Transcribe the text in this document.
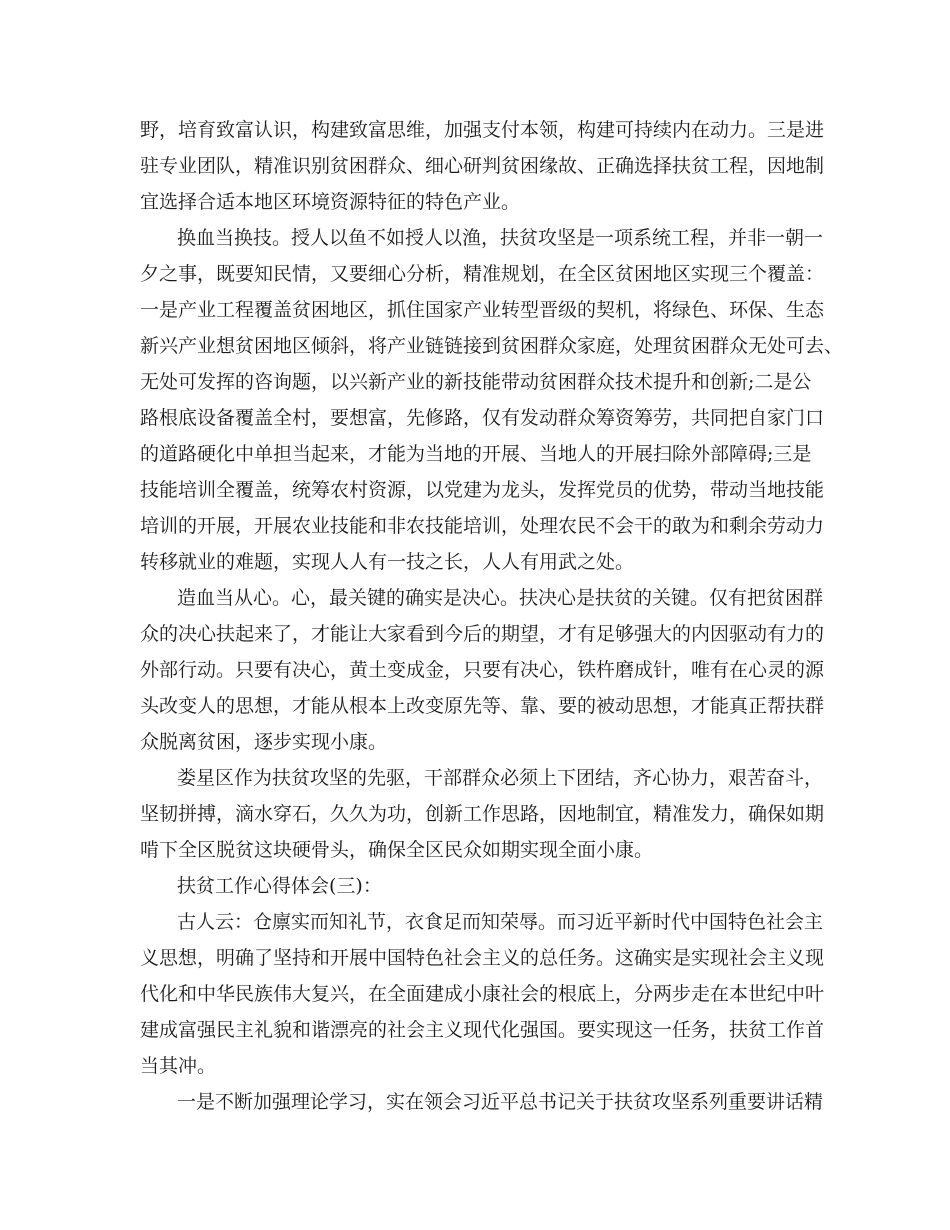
野，培育致富认识，构建致富思维，加强支付本领，构建可持续内在动力。三是进
驻专业团队，精准识别贫困群众、细心研判贫困缘故、正确选择扶贫工程，因地制
宜选择合适本地区环境资源特征的特色产业。
换血当换技。授人以鱼不如授人以渔，扶贫攻坚是一项系统工程，并非一朝一
夕之事，既要知民情，又要细心分析，精准规划，在全区贫困地区实现三个覆盖：
一是产业工程覆盖贫困地区，抓住国家产业转型晋级的契机，将绿色、环保、生态
新兴产业想贫困地区倾斜，将产业链链接到贫困群众家庭，处理贫困群众无处可去、
无处可发挥的咨询题，以兴新产业的新技能带动贫困群众技术提升和创新;二是公
路根底设备覆盖全村，要想富，先修路，仅有发动群众筹资筹劳，共同把自家门口
的道路硬化中单担当起来，才能为当地的开展、当地人的开展扫除外部障碍;三是
技能培训全覆盖，统筹农村资源，以党建为龙头，发挥党员的优势，带动当地技能
培训的开展，开展农业技能和非农技能培训，处理农民不会干的敢为和剩余劳动力
转移就业的难题，实现人人有一技之长，人人有用武之处。
造血当从心。心，最关键的确实是决心。扶决心是扶贫的关键。仅有把贫困群
众的决心扶起来了，才能让大家看到今后的期望，才有足够强大的内因驱动有力的
外部行动。只要有决心，黄土变成金，只要有决心，铁杵磨成针，唯有在心灵的源
头改变人的思想，才能从根本上改变原先等、靠、要的被动思想，才能真正帮扶群
众脱离贫困，逐步实现小康。
娄星区作为扶贫攻坚的先驱，干部群众必须上下团结，齐心协力，艰苦奋斗，
坚韧拼搏，滴水穿石，久久为功，创新工作思路，因地制宜，精准发力，确保如期
啃下全区脱贫这块硬骨头，确保全区民众如期实现全面小康。
扶贫工作心得体会(三)：
古人云：仓廪实而知礼节，衣食足而知荣辱。而习近平新时代中国特色社会主
义思想，明确了坚持和开展中国特色社会主义的总任务。这确实是实现社会主义现
代化和中华民族伟大复兴，在全面建成小康社会的根底上，分两步走在本世纪中叶
建成富强民主礼貌和谐漂亮的社会主义现代化强国。要实现这一任务，扶贫工作首
当其冲。
一是不断加强理论学习，实在领会习近平总书记关于扶贫攻坚系列重要讲话精
